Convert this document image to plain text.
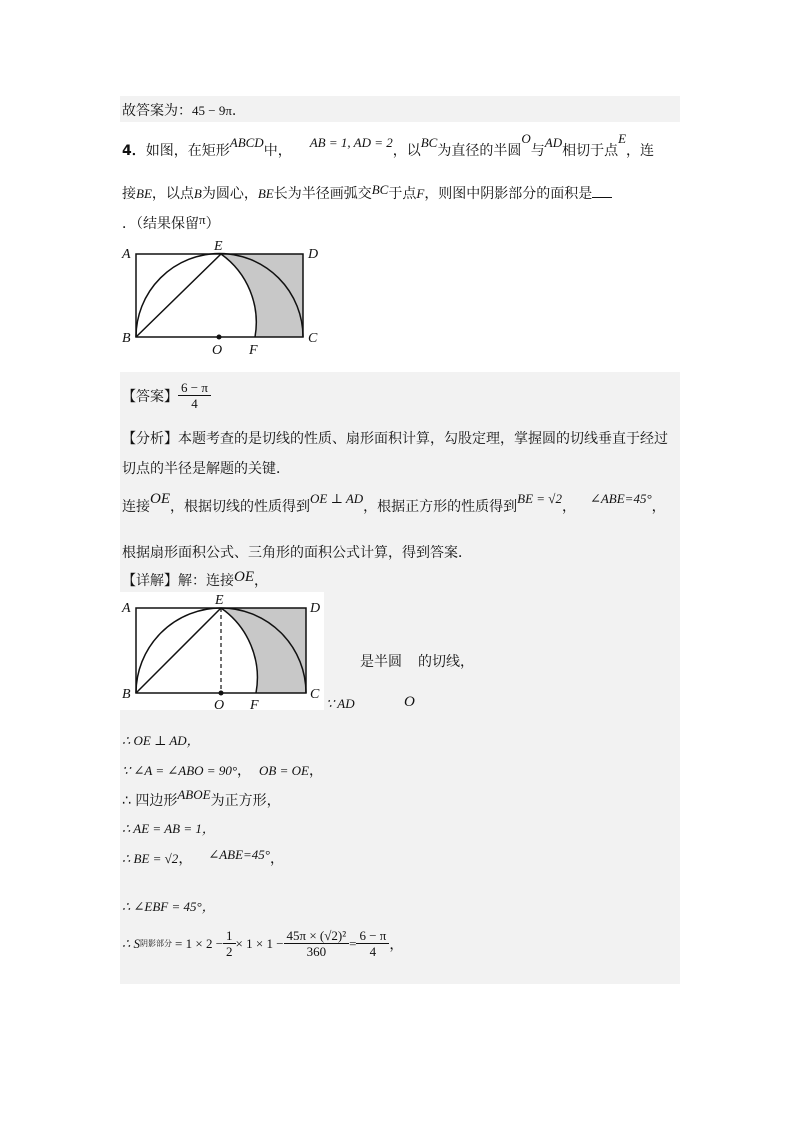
故答案为：45 − 9π.
4．如图，在矩形ABCD中，AB = 1, AD = 2，以BC为直径的半圆O与AD相切于点E，连
接BE，以点B为圆心，BE长为半径画弧交BC于点F，则图中阴影部分的面积是
．（结果保留π）
A
E
D
B	C
O F
【答案】 $\frac{6 - \pi}{4}$
【分析】本题考查的是切线的性质、扇形面积计算，勾股定理，掌握圆的切线垂直于经过
切点的半径是解题的关键．
连接OE，根据切线的性质得到OE ⊥ AD，根据正方形的性质得到BE = √2，∠ABE=45°，
根据扇形面积公式、三角形的面积公式计算，得到答案．
【详解】解：连接OE，
A
E
D
B	C
O F
是半圆 的切线，
∵ AD	O
∴ OE ⊥ AD，
∵ ∠A = ∠ABO = 90°， OB = OE，
∴ 四边形$^{ABOE}$为正方形，
∴ AE = AB = 1，
∴ BE = √2， $^{\angle ABE=45^\circ}$，
∴ ∠EBF = 45°，
∴ S 阴影部分 = $1 \times 2 - \frac{1}{2} \times 1 \times 1 - \frac{\text{45π × (√2)²}}{360} = \frac{6 - \pi}{4}$ ，
